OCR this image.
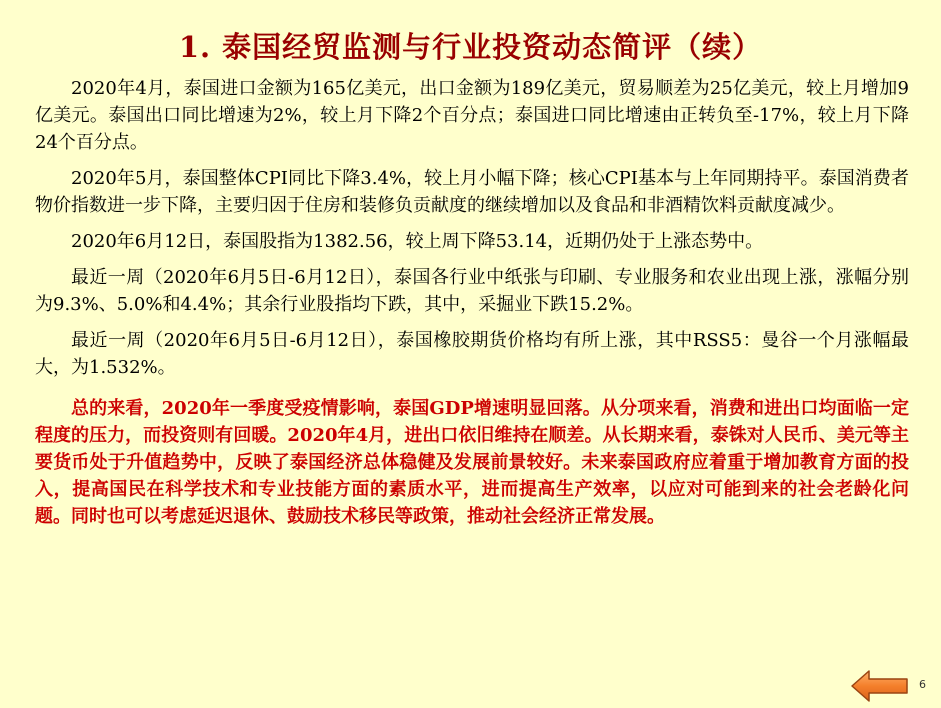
1. 泰国经贸监测与行业投资动态简评（续）

2020年4月，泰国进口金额为165亿美元，出口金额为189亿美元，贸易顺差为25亿美元，较上月增加9亿美元。泰国出口同比增速为2%，较上月下降2个百分点；泰国进口同比增速由正转负至-17%，较上月下降24个百分点。

2020年5月，泰国整体CPI同比下降3.4%，较上月小幅下降；核心CPI基本与上年同期持平。泰国消费者物价指数进一步下降，主要归因于住房和装修负贡献度的继续增加以及食品和非酒精饮料贡献度减少。

2020年6月12日，泰国股指为1382.56，较上周下降53.14，近期仍处于上涨态势中。

最近一周（2020年6月5日-6月12日），泰国各行业中纸张与印刷、专业服务和农业出现上涨，涨幅分别为9.3%、5.0%和4.4%；其余行业股指均下跌，其中，采掘业下跌15.2%。

最近一周（2020年6月5日-6月12日），泰国橡胶期货价格均有所上涨，其中RSS5：曼谷一个月涨幅最大，为1.532%。

总的来看，2020年一季度受疫情影响，泰国GDP增速明显回落。从分项来看，消费和进出口均面临一定程度的压力，而投资则有回暖。2020年4月，进出口依旧维持在顺差。从长期来看，泰铢对人民币、美元等主要货币处于升值趋势中，反映了泰国经济总体稳健及发展前景较好。未来泰国政府应着重于增加教育方面的投入，提高国民在科学技术和专业技能方面的素质水平，进而提高生产效率，以应对可能到来的社会老龄化问题。同时也可以考虑延迟退休、鼓励技术移民等政策，推动社会经济正常发展。

6
